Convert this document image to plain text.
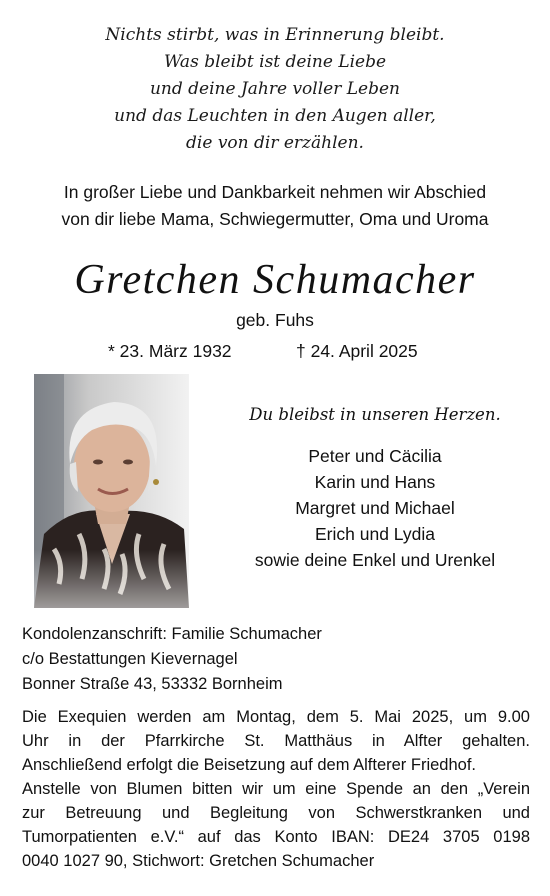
Nichts stirbt, was in Erinnerung bleibt.
Was bleibt ist deine Liebe
und deine Jahre voller Leben
und das Leuchten in den Augen aller,
die von dir erzählen.
In großer Liebe und Dankbarkeit nehmen wir Abschied
von dir liebe Mama, Schwiegermutter, Oma und Uroma
Gretchen Schumacher
geb. Fuhs
* 23. März 1932	† 24. April 2025
Du bleibst in unseren Herzen.
Peter und Cäcilia
Karin und Hans
Margret und Michael
Erich und Lydia
sowie deine Enkel und Urenkel
Kondolenzanschrift: Familie Schumacher
c/o Bestattungen Kievernagel
Bonner Straße 43, 53332 Bornheim
Die Exequien werden am Montag, dem 5. Mai 2025, um 9.00
Uhr in der Pfarrkirche St. Matthäus in Alfter gehalten.
Anschließend erfolgt die Beisetzung auf dem Alfterer Friedhof.
Anstelle von Blumen bitten wir um eine Spende an den „Verein
zur Betreuung und Begleitung von Schwerstkranken und
Tumorpatienten e.V.“ auf das Konto IBAN: DE24 3705 0198
0040 1027 90, Stichwort: Gretchen Schumacher
